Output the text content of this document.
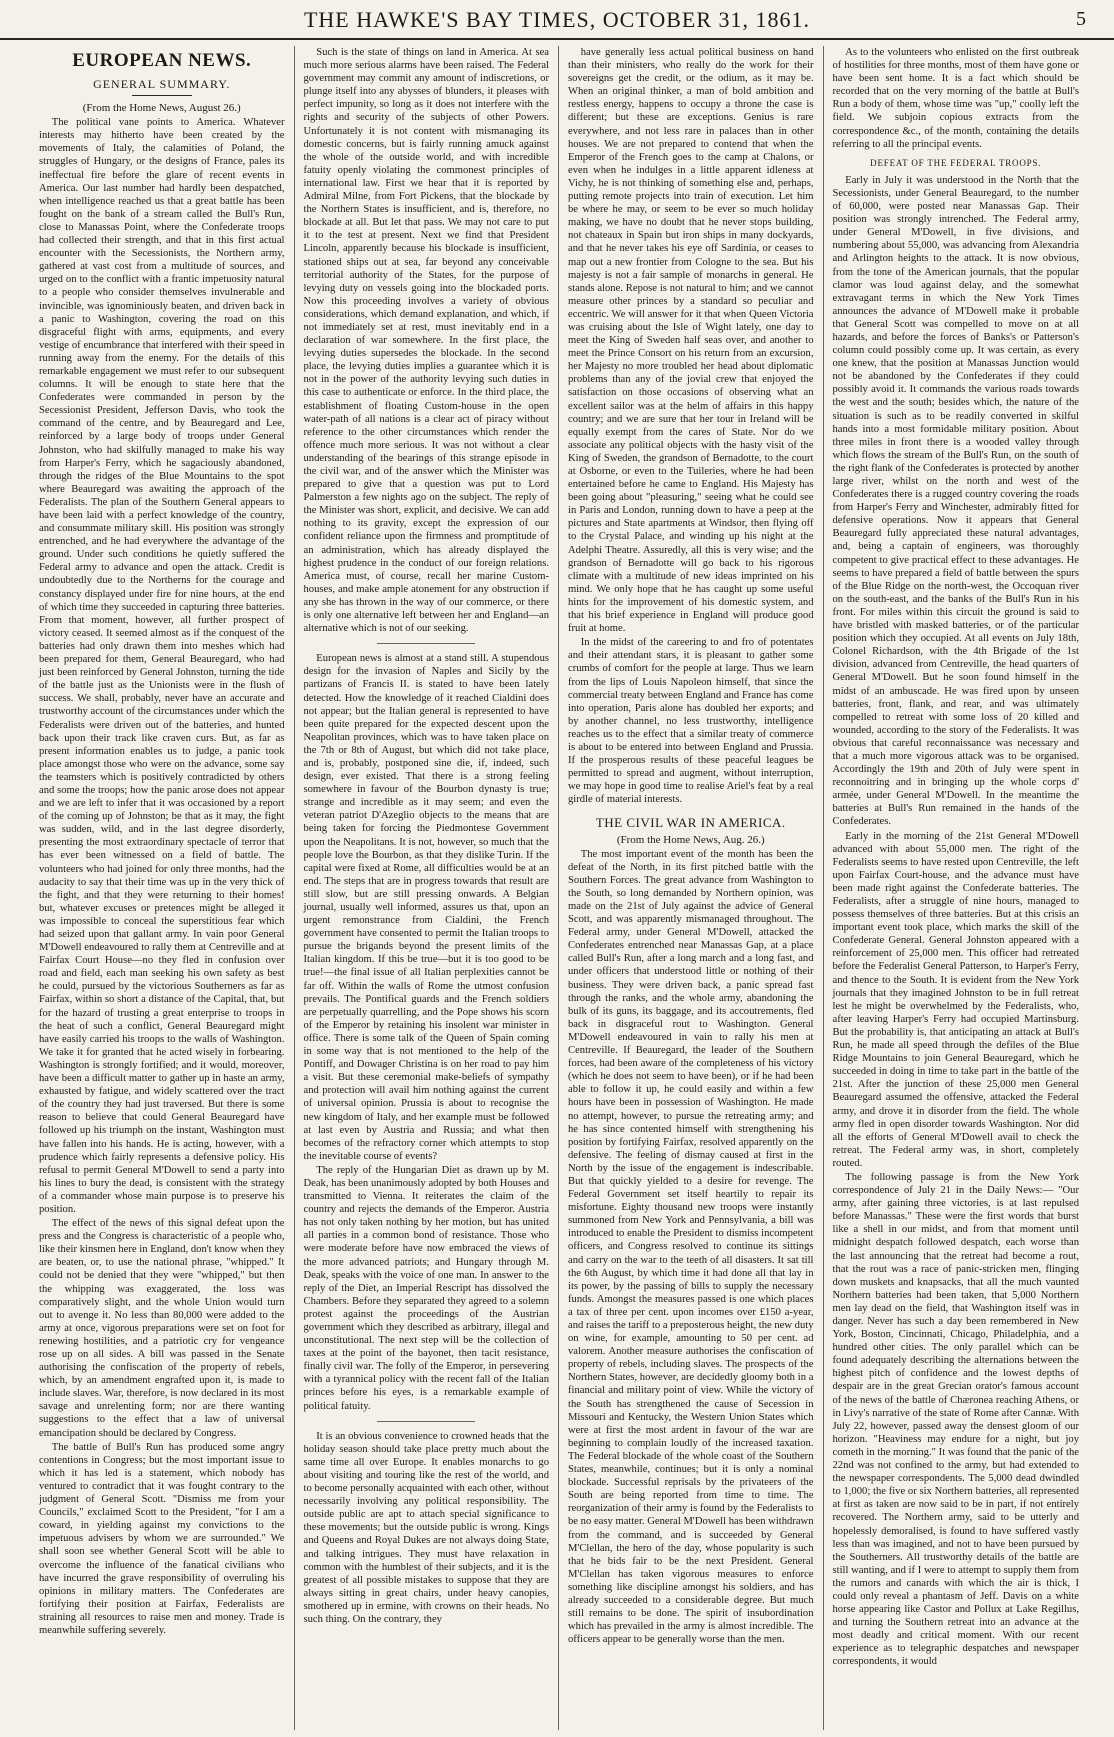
THE HAWKE'S BAY TIMES, OCTOBER 31, 1861.	5
EUROPEAN NEWS.
GENERAL SUMMARY.

(From the Home News, August 26.)

The political vane points to America. Whatever interests may hitherto have been created by the movements of Italy, the calamities of Poland, the struggles of Hungary, or the designs of France, pales its ineffectual fire before the glare of recent events in America. Our last number had hardly been despatched, when intelligence reached us that a great battle has been fought on the bank of a stream called the Bull's Run, close to Manassas Point, where the Confederate troops had collected their strength, and that in this first actual encounter with the Secessionists, the Northern army, gathered at vast cost from a multitude of sources, and urged on to the conflict with a frantic impetuosity natural to a people who consider themselves invulnerable and invincible, was ignominiously beaten, and driven back in a panic to Washington, covering the road on this disgraceful flight with arms, equipments, and every vestige of encumbrance that interfered with their speed in running away from the enemy. For the details of this remarkable engagement we must refer to our subsequent columns. It will be enough to state here that the Confederates were commanded in person by the Secessionist President, Jefferson Davis, who took the command of the centre, and by Beauregard and Lee, reinforced by a large body of troops under General Johnston, who had skilfully managed to make his way from Harper's Ferry, which he sagaciously abandoned, through the ridges of the Blue Mountains to the spot where Beauregard was awaiting the approach of the Federalists. The plan of the Southern General appears to have been laid with a perfect knowledge of the country, and consummate military skill. His position was strongly entrenched, and he had everywhere the advantage of the ground. Under such conditions he quietly suffered the Federal army to advance and open the attack. Credit is undoubtedly due to the Northerns for the courage and constancy displayed under fire for nine hours, at the end of which time they succeeded in capturing three batteries. From that moment, however, all further prospect of victory ceased. It seemed almost as if the conquest of the batteries had only drawn them into meshes which had been prepared for them, General Beauregard, who had just been reinforced by General Johnston, turning the tide of the battle just as the Unionists were in the flush of success. We shall, probably, never have an accurate and trustworthy account of the circumstances under which the Federalists were driven out of the batteries, and hunted back upon their track like craven curs. But, as far as present information enables us to judge, a panic took place amongst those who were on the advance, some say the teamsters which is positively contradicted by others and some the troops; how the panic arose does not appear and we are left to infer that it was occasioned by a report of the coming up of Johnston; be that as it may, the fight was sudden, wild, and in the last degree disorderly, presenting the most extraordinary spectacle of terror that has ever been witnessed on a field of battle. The volunteers who had joined for only three months, had the audacity to say that their time was up in the very thick of the fight, and that they were returning to their homes! but, whatever excuses or pretences might be alleged it was impossible to conceal the superstitious fear which had seized upon that gallant army. In vain poor General M'Dowell endeavoured to rally them at Centreville and at Fairfax Court House—no they fled in confusion over road and field, each man seeking his own safety as best he could, pursued by the victorious Southerners as far as Fairfax, within so short a distance of the Capital, that, but for the hazard of trusting a great enterprise to troops in the heat of such a conflict, General Beauregard might have easily carried his troops to the walls of Washington. We take it for granted that he acted wisely in forbearing. Washington is strongly fortified; and it would, moreover, have been a difficult matter to gather up in haste an army, exhausted by fatigue, and widely scattered over the tract of the country they had just traversed. But there is some reason to believe that could General Beauregard have followed up his triumph on the instant, Washington must have fallen into his hands. He is acting, however, with a prudence which fairly represents a defensive policy. His refusal to permit General M'Dowell to send a party into his lines to bury the dead, is consistent with the strategy of a commander whose main purpose is to preserve his position.

The effect of the news of this signal defeat upon the press and the Congress is characteristic of a people who, like their kinsmen here in England, don't know when they are beaten, or, to use the national phrase, "whipped." It could not be denied that they were "whipped," but then the whipping was exaggerated, the loss was comparatively slight, and the whole Union would turn out to avenge it. No less than 80,000 were added to the army at once, vigorous preparations were set on foot for renewing hostilities, and a patriotic cry for vengeance rose up on all sides. A bill was passed in the Senate authorising the confiscation of the property of rebels, which, by an amendment engrafted upon it, is made to include slaves. War, therefore, is now declared in its most savage and unrelenting form; nor are there wanting suggestions to the effect that a law of universal emancipation should be declared by Congress.

The battle of Bull's Run has produced some angry contentions in Congress; but the most important issue to which it has led is a statement, which nobody has ventured to contradict that it was fought contrary to the judgment of General Scott. "Dismiss me from your Councils," exclaimed Scott to the President, "for I am a coward, in yielding against my convictions to the impetuous advisers by whom we are surrounded." We shall soon see whether General Scott will be able to overcome the influence of the fanatical civilians who have incurred the grave responsibility of overruling his opinions in military matters. The Confederates are fortifying their position at Fairfax, Federalists are straining all resources to raise men and money. Trade is meanwhile suffering severely.

Such is the state of things on land in America. At sea much more serious alarms have been raised. The Federal government may commit any amount of indiscretions, or plunge itself into any abysses of blunders, it pleases with perfect impunity, so long as it does not interfere with the rights and security of the subjects of other Powers. Unfortunately it is not content with mismanaging its domestic concerns, but is fairly running amuck against the whole of the outside world, and with incredible fatuity openly violating the commonest principles of international law. First we hear that it is reported by Admiral Milne, from Fort Pickens, that the blockade by the Northern States is insufficient, and is, therefore, no blockade at all. But let that pass. We may not care to put it to the test at present. Next we find that President Lincoln, apparently because his blockade is insufficient, stationed ships out at sea, far beyond any conceivable territorial authority of the States, for the purpose of levying duty on vessels going into the blockaded ports. Now this proceeding involves a variety of obvious considerations, which demand explanation, and which, if not immediately set at rest, must inevitably end in a declaration of war somewhere. In the first place, the levying duties supersedes the blockade. In the second place, the levying duties implies a guarantee which it is not in the power of the authority levying such duties in this case to authenticate or enforce. In the third place, the establishment of floating Custom-house in the open water-path of all nations is a clear act of piracy without reference to the other circumstances which render the offence much more serious. It was not without a clear understanding of the bearings of this strange episode in the civil war, and of the answer which the Minister was prepared to give that a question was put to Lord Palmerston a few nights ago on the subject. The reply of the Minister was short, explicit, and decisive. We can add nothing to its gravity, except the expression of our confident reliance upon the firmness and promptitude of an administration, which has already displayed the highest prudence in the conduct of our foreign relations. America must, of course, recall her marine Custom-houses, and make ample atonement for any obstruction if any she has thrown in the way of our commerce, or there is only one alternative left between her and England—an alternative which is not of our seeking.

European news is almost at a stand still. A stupendous design for the invasion of Naples and Sicily by the partizans of Francis II. is stated to have been lately detected. How the knowledge of it reached Cialdini does not appear; but the Italian general is represented to have been quite prepared for the expected descent upon the Neapolitan provinces, which was to have taken place on the 7th or 8th of August, but which did not take place, and is, probably, postponed sine die, if, indeed, such design, ever existed. That there is a strong feeling somewhere in favour of the Bourbon dynasty is true; strange and incredible as it may seem; and even the veteran patriot D'Azeglio objects to the means that are being taken for forcing the Piedmontese Government upon the Neapolitans. It is not, however, so much that the people love the Bourbon, as that they dislike Turin. If the capital were fixed at Rome, all difficulties would be at an end. The steps that are in progress towards that result are still slow, but are still pressing onwards. A Belgian journal, usually well informed, assures us that, upon an urgent remonstrance from Cialdini, the French government have consented to permit the Italian troops to pursue the brigands beyond the present limits of the Italian kingdom. If this be true—but it is too good to be true!—the final issue of all Italian perplexities cannot be far off. Within the walls of Rome the utmost confusion prevails. The Pontifical guards and the French soldiers are perpetually quarrelling, and the Pope shows his scorn of the Emperor by retaining his insolent war minister in office. There is some talk of the Queen of Spain coming in some way that is not mentioned to the help of the Pontiff, and Dowager Christina is on her road to pay him a visit. But these ceremonial make-beliefs of sympathy and protection will avail him nothing against the current of universal opinion. Prussia is about to recognise the new kingdom of Italy, and her example must be followed at last even by Austria and Russia; and what then becomes of the refractory corner which attempts to stop the inevitable course of events?

The reply of the Hungarian Diet as drawn up by M. Deak, has been unanimously adopted by both Houses and transmitted to Vienna. It reiterates the claim of the country and rejects the demands of the Emperor. Austria has not only taken nothing by her motion, but has united all parties in a common bond of resistance. Those who were moderate before have now embraced the views of the more advanced patriots; and Hungary through M. Deak, speaks with the voice of one man. In answer to the reply of the Diet, an Imperial Rescript has dissolved the Chambers. Before they separated they agreed to a solemn protest against the proceedings of the Austrian government which they described as arbitrary, illegal and unconstitutional. The next step will be the collection of taxes at the point of the bayonet, then tacit resistance, finally civil war. The folly of the Emperor, in persevering with a tyrannical policy with the recent fall of the Italian princes before his eyes, is a remarkable example of political fatuity.

It is an obvious convenience to crowned heads that the holiday season should take place pretty much about the same time all over Europe. It enables monarchs to go about visiting and touring like the rest of the world, and to become personally acquainted with each other, without necessarily involving any political responsibility. The outside public are apt to attach special significance to these movements; but the outside public is wrong. Kings and Queens and Royal Dukes are not always doing State, and talking intrigues. They must have relaxation in common with the humblest of their subjects, and it is the greatest of all possible mistakes to suppose that they are always sitting in great chairs, under heavy canopies, smothered up in ermine, with crowns on their heads. No such thing. On the contrary, they

have generally less actual political business on hand than their ministers, who really do the work for their sovereigns get the credit, or the odium, as it may be. When an original thinker, a man of bold ambition and restless energy, happens to occupy a throne the case is different; but these are exceptions. Genius is rare everywhere, and not less rare in palaces than in other houses. We are not prepared to contend that when the Emperor of the French goes to the camp at Chalons, or even when he indulges in a little apparent idleness at Vichy, he is not thinking of something else and, perhaps, putting remote projects into train of execution. Let him be where he may, or seem to be ever so much holiday making, we have no doubt that he never stops building, not chateaux in Spain but iron ships in many dockyards, and that he never takes his eye off Sardinia, or ceases to map out a new frontier from Cologne to the sea. But his majesty is not a fair sample of monarchs in general. He stands alone. Repose is not natural to him; and we cannot measure other princes by a standard so peculiar and eccentric. We will answer for it that when Queen Victoria was cruising about the Isle of Wight lately, one day to meet the King of Sweden half seas over, and another to meet the Prince Consort on his return from an excursion, her Majesty no more troubled her head about diplomatic problems than any of the jovial crew that enjoyed the satisfaction on those occasions of observing what an excellent sailor was at the helm of affairs in this happy country; and we are sure that her tour in Ireland will be equally exempt from the cares of State. Nor do we associate any political objects with the hasty visit of the King of Sweden, the grandson of Bernadotte, to the court at Osborne, or even to the Tuileries, where he had been entertained before he came to England. His Majesty has been going about "pleasuring," seeing what he could see in Paris and London, running down to have a peep at the pictures and State apartments at Windsor, then flying off to the Crystal Palace, and winding up his night at the Adelphi Theatre. Assuredly, all this is very wise; and the grandson of Bernadotte will go back to his rigorous climate with a multitude of new ideas imprinted on his mind. We only hope that he has caught up some useful hints for the improvement of his domestic system, and that his brief experience in England will produce good fruit at home.

In the midst of the careering to and fro of potentates and their attendant stars, it is pleasant to gather some crumbs of comfort for the people at large. Thus we learn from the lips of Louis Napoleon himself, that since the commercial treaty between England and France has come into operation, Paris alone has doubled her exports; and by another channel, no less trustworthy, intelligence reaches us to the effect that a similar treaty of commerce is about to be entered into between England and Prussia. If the prosperous results of these peaceful leagues be permitted to spread and augment, without interruption, we may hope in good time to realise Ariel's feat by a real girdle of material interests.

THE CIVIL WAR IN AMERICA.

(From the Home News, Aug. 26.)

The most important event of the month has been the defeat of the North, in its first pitched battle with the Southern Forces. The great advance from Washington to the South, so long demanded by Northern opinion, was made on the 21st of July against the advice of General Scott, and was apparently mismanaged throughout. The Federal army, under General M'Dowell, attacked the Confederates entrenched near Manassas Gap, at a place called Bull's Run, after a long march and a long fast, and under officers that understood little or nothing of their business. They were driven back, a panic spread fast through the ranks, and the whole army, abandoning the bulk of its guns, its baggage, and its accoutrements, fled back in disgraceful rout to Washington. General M'Dowell endeavoured in vain to rally his men at Centreville. If Beauregard, the leader of the Southern forces, had been aware of the completeness of his victory (which he does not seem to have been), or if he had been able to follow it up, he could easily and within a few hours have been in possession of Washington. He made no attempt, however, to pursue the retreating army; and he has since contented himself with strengthening his position by fortifying Fairfax, resolved apparently on the defensive. The feeling of dismay caused at first in the North by the issue of the engagement is indescribable. But that quickly yielded to a desire for revenge. The Federal Government set itself heartily to repair its misfortune. Eighty thousand new troops were instantly summoned from New York and Pennsylvania, a bill was introduced to enable the President to dismiss incompetent officers, and Congress resolved to continue its sittings and carry on the war to the teeth of all disasters. It sat till the 6th August, by which time it had done all that lay in its power, by the passing of bills to supply the necessary funds. Amongst the measures passed is one which places a tax of three per cent. upon incomes over £150 a-year, and raises the tariff to a preposterous height, the new duty on wine, for example, amounting to 50 per cent. ad valorem. Another measure authorises the confiscation of property of rebels, including slaves. The prospects of the Northern States, however, are decidedly gloomy both in a financial and military point of view. While the victory of the South has strengthened the cause of Secession in Missouri and Kentucky, the Western Union States which were at first the most ardent in favour of the war are beginning to complain loudly of the increased taxation. The Federal blockade of the whole coast of the Southern States, meanwhile, continues; but it is only a nominal blockade. Successful reprisals by the privateers of the South are being reported from time to time. The reorganization of their army is found by the Federalists to be no easy matter. General M'Dowell has been withdrawn from the command, and is succeeded by General M'Clellan, the hero of the day, whose popularity is such that he bids fair to be the next President. General M'Clellan has taken vigorous measures to enforce something like discipline amongst his soldiers, and has already succeeded to a considerable degree. But much still remains to be done. The spirit of insubordination which has prevailed in the army is almost incredible. The officers appear to be generally worse than the men.

As to the volunteers who enlisted on the first outbreak of hostilities for three months, most of them have gone or have been sent home. It is a fact which should be recorded that on the very morning of the battle at Bull's Run a body of them, whose time was "up," coolly left the field. We subjoin copious extracts from the correspondence &c., of the month, containing the details referring to all the principal events.

DEFEAT OF THE FEDERAL TROOPS.

Early in July it was understood in the North that the Secessionists, under General Beauregard, to the number of 60,000, were posted near Manassas Gap. Their position was strongly intrenched. The Federal army, under General M'Dowell, in five divisions, and numbering about 55,000, was advancing from Alexandria and Arlington heights to the attack. It is now obvious, from the tone of the American journals, that the popular clamor was loud against delay, and the somewhat extravagant terms in which the New York Times announces the advance of M'Dowell make it probable that General Scott was compelled to move on at all hazards, and before the forces of Banks's or Patterson's column could possibly come up. It was certain, as every one knew, that the position at Manassas Junction would not be abandoned by the Confederates if they could possibly avoid it. It commands the various roads towards the west and the south; besides which, the nature of the situation is such as to be readily converted in skilful hands into a most formidable military position. About three miles in front there is a wooded valley through which flows the stream of the Bull's Run, on the south of the right flank of the Confederates is protected by another large river, whilst on the north and west of the Confederates there is a rugged country covering the roads from Harper's Ferry and Winchester, admirably fitted for defensive operations. Now it appears that General Beauregard fully appreciated these natural advantages, and, being a captain of engineers, was thoroughly competent to give practical effect to these advantages. He seems to have prepared a field of battle between the spurs of the Blue Ridge on the north-west, the Occoquan river on the south-east, and the banks of the Bull's Run in his front. For miles within this circuit the ground is said to have bristled with masked batteries, or of the particular position which they occupied. At all events on July 18th, Colonel Richardson, with the 4th Brigade of the 1st division, advanced from Centreville, the head quarters of General M'Dowell. But he soon found himself in the midst of an ambuscade. He was fired upon by unseen batteries, front, flank, and rear, and was ultimately compelled to retreat with some loss of 20 killed and wounded, according to the story of the Federalists. It was obvious that careful reconnaissance was necessary and that a much more vigorous attack was to be organised. Accordingly the 19th and 20th of July were spent in reconnoitring and in bringing up the whole corps d' armée, under General M'Dowell. In the meantime the batteries at Bull's Run remained in the hands of the Confederates.

Early in the morning of the 21st General M'Dowell advanced with about 55,000 men. The right of the Federalists seems to have rested upon Centreville, the left upon Fairfax Court-house, and the advance must have been made right against the Confederate batteries. The Federalists, after a struggle of nine hours, managed to possess themselves of three batteries. But at this crisis an important event took place, which marks the skill of the Confederate General. General Johnston appeared with a reinforcement of 25,000 men. This officer had retreated before the Federalist General Patterson, to Harper's Ferry, and thence to the South. It is evident from the New York journals that they imagined Johnston to be in full retreat lest he might be overwhelmed by the Federalists, who, after leaving Harper's Ferry had occupied Martinsburg. But the probability is, that anticipating an attack at Bull's Run, he made all speed through the defiles of the Blue Ridge Mountains to join General Beauregard, which he succeeded in doing in time to take part in the battle of the 21st. After the junction of these 25,000 men General Beauregard assumed the offensive, attacked the Federal army, and drove it in disorder from the field. The whole army fled in open disorder towards Washington. Nor did all the efforts of General M'Dowell avail to check the retreat. The Federal army was, in short, completely routed.

The following passage is from the New York correspondence of July 21 in the Daily News:— "Our army, after gaining three victories, is at last repulsed before Manassas." These were the first words that burst like a shell in our midst, and from that moment until midnight despatch followed despatch, each worse than the last announcing that the retreat had become a rout, that the rout was a race of panic-stricken men, flinging down muskets and knapsacks, that all the much vaunted Northern batteries had been taken, that 5,000 Northern men lay dead on the field, that Washington itself was in danger. Never has such a day been remembered in New York, Boston, Cincinnati, Chicago, Philadelphia, and a hundred other cities. The only parallel which can be found adequately describing the alternations between the highest pitch of confidence and the lowest depths of despair are in the great Grecian orator's famous account of the news of the battle of Chæronea reaching Athens, or in Livy's narrative of the state of Rome after Cannæ. With July 22, however, passed away the densest gloom of our horizon. "Heaviness may endure for a night, but joy cometh in the morning." It was found that the panic of the 22nd was not confined to the army, but had extended to the newspaper correspondents. The 5,000 dead dwindled to 1,000; the five or six Northern batteries, all represented at first as taken are now said to be in part, if not entirely recovered. The Northern army, said to be utterly and hopelessly demoralised, is found to have suffered vastly less than was imagined, and not to have been pursued by the Southerners. All trustworthy details of the battle are still wanting, and if I were to attempt to supply them from the rumors and canards with which the air is thick, I could only reveal a phantasm of Jeff. Davis on a white horse appearing like Castor and Pollux at Lake Regillus, and turning the Southern retreat into an advance at the most deadly and critical moment. With our recent experience as to telegraphic despatches and newspaper correspondents, it would
